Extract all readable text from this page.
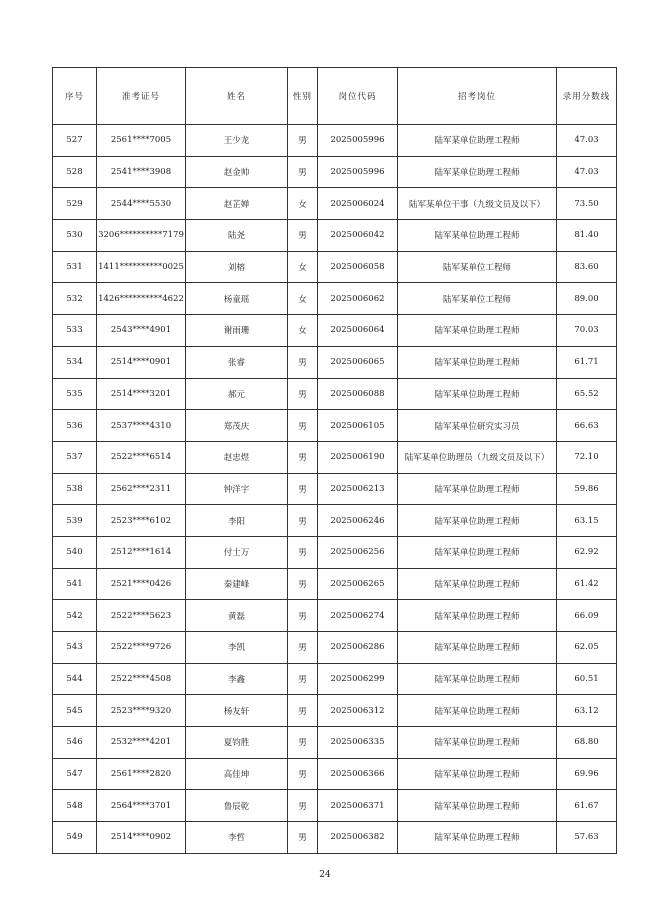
序号	准考证号	姓名	性别	岗位代码	招考岗位	录用分数线
527	2561****7005	王少龙	男	2025005996	陆军某单位助理工程师	47.03
528	2541****3908	赵金帅	男	2025005996	陆军某单位助理工程师	47.03
529	2544****5530	赵芷婵	女	2025006024	陆军某单位干事（九级文员及以下）	73.50
530	3206**********7179	陆尧	男	2025006042	陆军某单位助理工程师	81.40
531	1411**********0025	刘榕	女	2025006058	陆军某单位工程师	83.60
532	1426**********4622	杨童瑶	女	2025006062	陆军某单位工程师	89.00
533	2543****4901	谢雨珊	女	2025006064	陆军某单位助理工程师	70.03
534	2514****0901	张睿	男	2025006065	陆军某单位助理工程师	61.71
535	2514****3201	郝元	男	2025006088	陆军某单位助理工程师	65.52
536	2537****4310	郑茂庆	男	2025006105	陆军某单位研究实习员	66.63
537	2522****6514	赵忠煜	男	2025006190	陆军某单位助理员（九级文员及以下）	72.10
538	2562****2311	钟洋宇	男	2025006213	陆军某单位助理工程师	59.86
539	2523****6102	李阳	男	2025006246	陆军某单位助理工程师	63.15
540	2512****1614	付士万	男	2025006256	陆军某单位助理工程师	62.92
541	2521****0426	秦建峰	男	2025006265	陆军某单位助理工程师	61.42
542	2522****5623	黄磊	男	2025006274	陆军某单位助理工程师	66.09
543	2522****9726	李凯	男	2025006286	陆军某单位助理工程师	62.05
544	2522****4508	李鑫	男	2025006299	陆军某单位助理工程师	60.51
545	2523****9320	杨友轩	男	2025006312	陆军某单位助理工程师	63.12
546	2532****4201	夏钧胜	男	2025006335	陆军某单位助理工程师	68.80
547	2561****2820	高佳坤	男	2025006366	陆军某单位助理工程师	69.96
548	2564****3701	鲁辰乾	男	2025006371	陆军某单位助理工程师	61.67
549	2514****0902	李哲	男	2025006382	陆军某单位助理工程师	57.63
24
